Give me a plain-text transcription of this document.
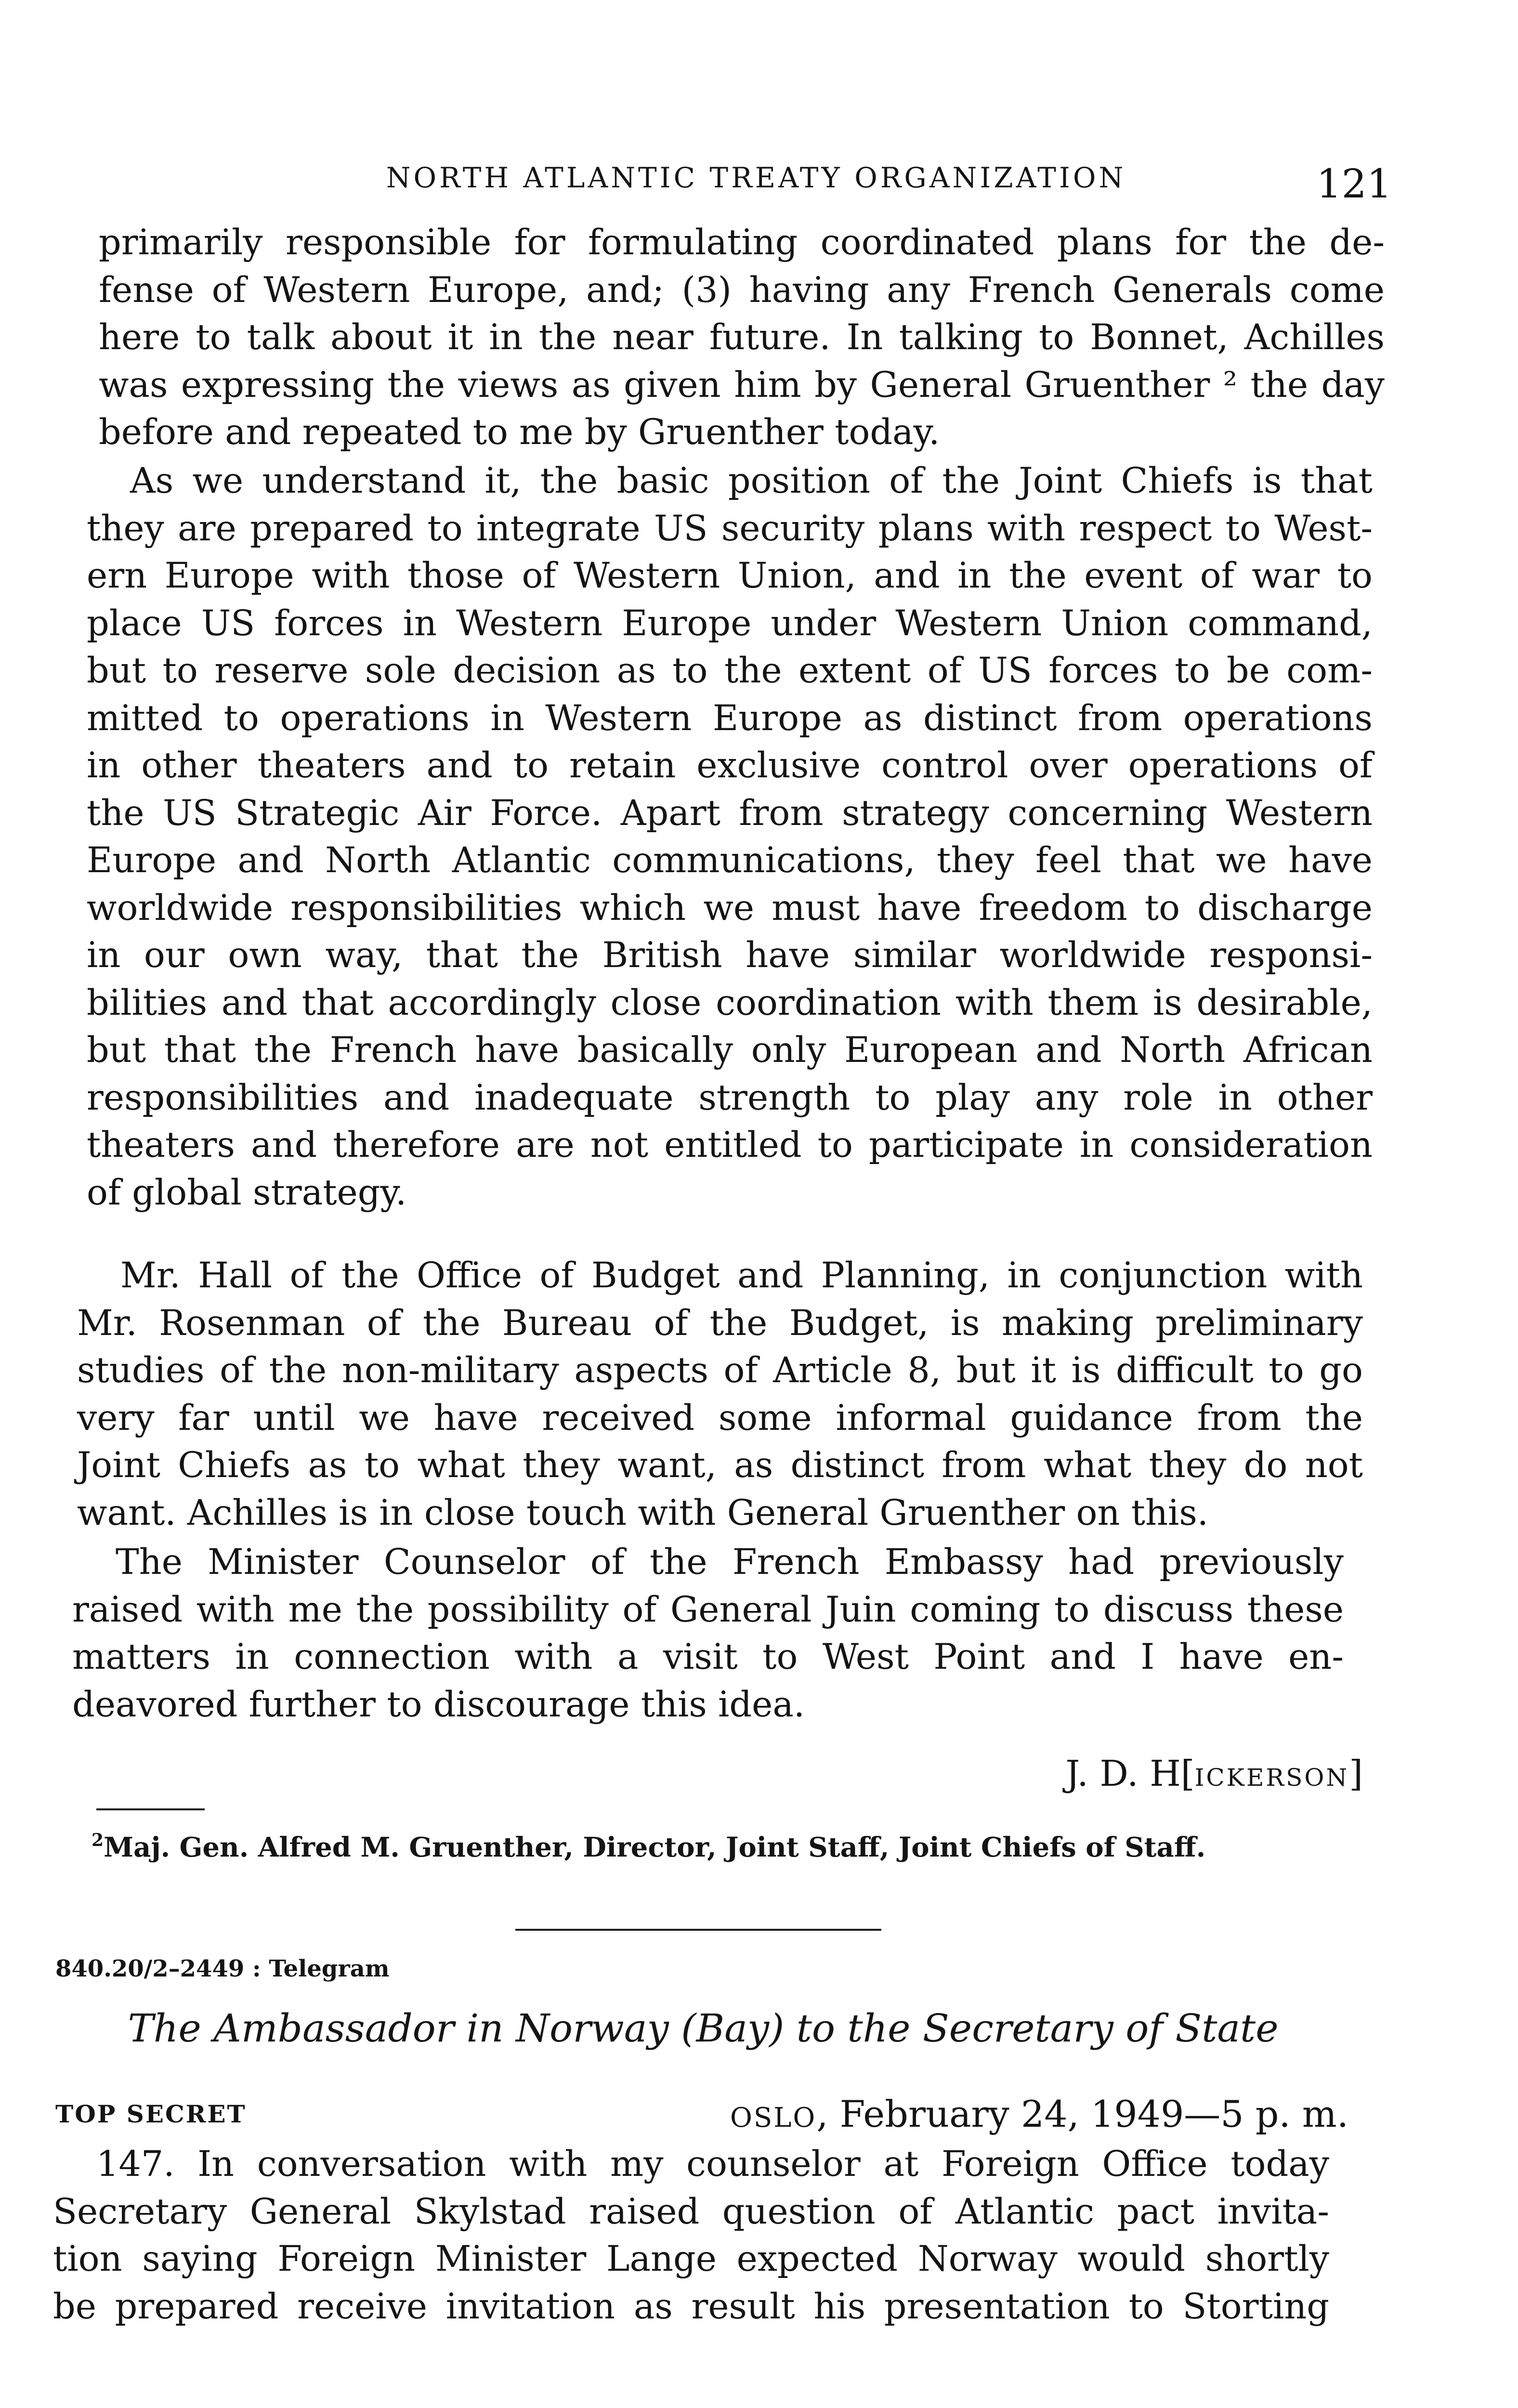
NORTH ATLANTIC TREATY ORGANIZATION	121
primarily responsible for formulating coordinated plans for the de-
fense of Western Europe, and; (3) having any French Generals come
here to talk about it in the near future. In talking to Bonnet, Achilles
was expressing the views as given him by General Gruenther ² the day
before and repeated to me by Gruenther today.
As we understand it, the basic position of the Joint Chiefs is that
they are prepared to integrate US security plans with respect to West-
ern Europe with those of Western Union, and in the event of war to
place US forces in Western Europe under Western Union command,
but to reserve sole decision as to the extent of US forces to be com-
mitted to operations in Western Europe as distinct from operations
in other theaters and to retain exclusive control over operations of
the US Strategic Air Force. Apart from strategy concerning Western
Europe and North Atlantic communications, they feel that we have
worldwide responsibilities which we must have freedom to discharge
in our own way, that the British have similar worldwide responsi-
bilities and that accordingly close coordination with them is desirable,
but that the French have basically only European and North African
responsibilities and inadequate strength to play any role in other
theaters and therefore are not entitled to participate in consideration
of global strategy.
Mr. Hall of the Office of Budget and Planning, in conjunction with
Mr. Rosenman of the Bureau of the Budget, is making preliminary
studies of the non-military aspects of Article 8, but it is difficult to go
very far until we have received some informal guidance from the
Joint Chiefs as to what they want, as distinct from what they do not
want. Achilles is in close touch with General Gruenther on this.
The Minister Counselor of the French Embassy had previously
raised with me the possibility of General Juin coming to discuss these
matters in connection with a visit to West Point and I have en-
deavored further to discourage this idea.
J. D. H[ICKERSON]
$^2$Maj. Gen. Alfred M. Gruenther, Director, Joint Staff, Joint Chiefs of Staff.
840.20/2–2449 : Telegram
The Ambassador in Norway (Bay) to the Secretary of State
TOP SECRET	OSLO, February 24, 1949—5 p. m.
147. In conversation with my counselor at Foreign Office today
Secretary General Skylstad raised question of Atlantic pact invita-
tion saying Foreign Minister Lange expected Norway would shortly
be prepared receive invitation as result his presentation to Storting
